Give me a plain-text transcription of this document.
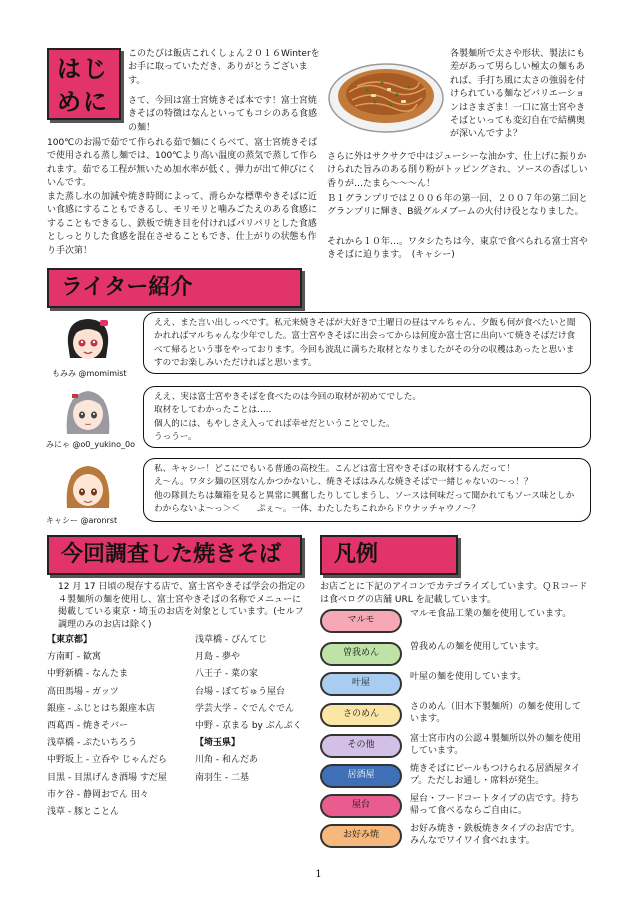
はじ
めに

このたびは飯店これくしょん２０１６Winterをお手に取っていただき、ありがとうございます。

さて、今回は富士宮焼きそば本です！富士宮焼きそばの特徴はなんといってもコシのある食感の麺！

100℃のお湯で茹でて作られる茹で麺にくらべて、富士宮焼きそばで使用される蒸し麺では、100℃より高い温度の蒸気で蒸して作られます。茹でる工程が無いため加水率が低く、弾力が出て伸びにくいんです。

また蒸し水の加減や焼き時間によって、滑らかな標準やきそばに近い食感にすることもできるし、モリモリと噛みごたえのある食感にすることもできるし、鉄板で焼き目を付ければパリパリとした食感としっとりした食感を混在させることもでき、仕上がりの状態も作り手次第！

各製麺所で太さや形状、製法にも差があって男らしい極太の麺もあれば、手打ち風に太さの強弱を付けられている麺などバリエーションはさまざま！一口に富士宮やきそばといっても変幻自在で結構奥が深いんですよ？

さらに外はサクサクで中はジューシーな油かす、仕上げに振りかけられた旨みのある削り粉がトッピングされ、ソースの香ばしい香りが…たまら～～～ん！

Ｂ１グランプリでは２００６年の第一回、２００７年の第二回とグランプリに輝き、B級グルメブームの火付け役となりました。

それから１０年…。ワタシたちは今、東京で食べられる富士宮やきそばに迫ります。　(キャシー)

ライター紹介
もみみ @momimist
ええ、また言い出しっぺです。私元来焼きそばが大好きで土曜日の昼はマルちゃん、夕飯も何が食べたいと聞かれればマルちゃんな少年でした。富士宮やきそばに出会ってからは何度か富士宮に出向いて焼きそばだけ食べて帰るという事をやっております。今回も波乱に満ちた取材となりましたがその分の収穫はあったと思いますのでお楽しみいただければと思います。
みにゃ @o0_yukino_0o
ええ、実は富士宮やきそばを食べたのは今回の取材が初めてでした。
取材をしてわかったことは…..
個人的には、もやしさえ入ってれば幸せだということでした。
うっうー。
キャシー @aronrst
私、キャシー！どこにでもいる普通の高校生。こんどは富士宮やきそばの取材するんだって！
え～ん。ワタシ麺の区別なんかつかないし、焼きそばはみんな焼きそばで一緒じゃないの～っ！？
他の隊員たちは麺箱を見ると異常に興奮したりしてしまうし、ソースは何味だって聞かれてもソース味としかわからないよ～っ＞＜　　ぷぇ～。一体、わたしたちこれからドウナッチャウノ～？
今回調査した焼きそば

12 月 17 日頃の現存する店で、富士宮やきそば学会の指定の４製麺所の麺を使用し、富士宮やきそばの名称でメニューに掲載している東京・埼玉のお店を対象としています。(セルフ調理のみのお店は除く)

【東京都】
方南町 - 歓寓
中野新橋 - なんたま
高田馬場 - ガッツ
銀座 - ふじとはち銀座本店
西葛西 - 焼きそバー
浅草橋 - ぷたいちろう
中野坂上 - 立呑や じゃんだら
目黒 - 目黒げんき酒場 すだ屋
市ケ谷 - 静岡おでん 田々
浅草 - 豚とことん
浅草橋 - ぴんてじ
月島 - 夢や
八王子 - 菜の家
台場 - ぼてぢゅう屋台
学芸大学 - ぐでんぐでん
中野 - 京まる by ぶんぷく
【埼玉県】
川角 - 和んだあ
南羽生 - 二基
凡例

お店ごとに下記のアイコンでカテゴライズしています。ＱＲコードは食べログの店舗 URL を記載しています。

マルモ
マルモ食品工業の麺を使用しています。
曽我めん
曽我めんの麺を使用しています。
叶屋
叶屋の麺を使用しています。
さのめん
さのめん（旧木下製麺所）の麺を使用しています。
その他
富士宮市内の公認４製麺所以外の麺を使用しています。
居酒屋
焼きそばにビールもつけられる居酒屋タイプ。ただしお通し・席料が発生。
屋台
屋台・フードコートタイプの店です。持ち帰って食べるならご自由に。
お好み焼
お好み焼き・鉄板焼きタイプのお店です。みんなでワイワイ食べれます。
1
